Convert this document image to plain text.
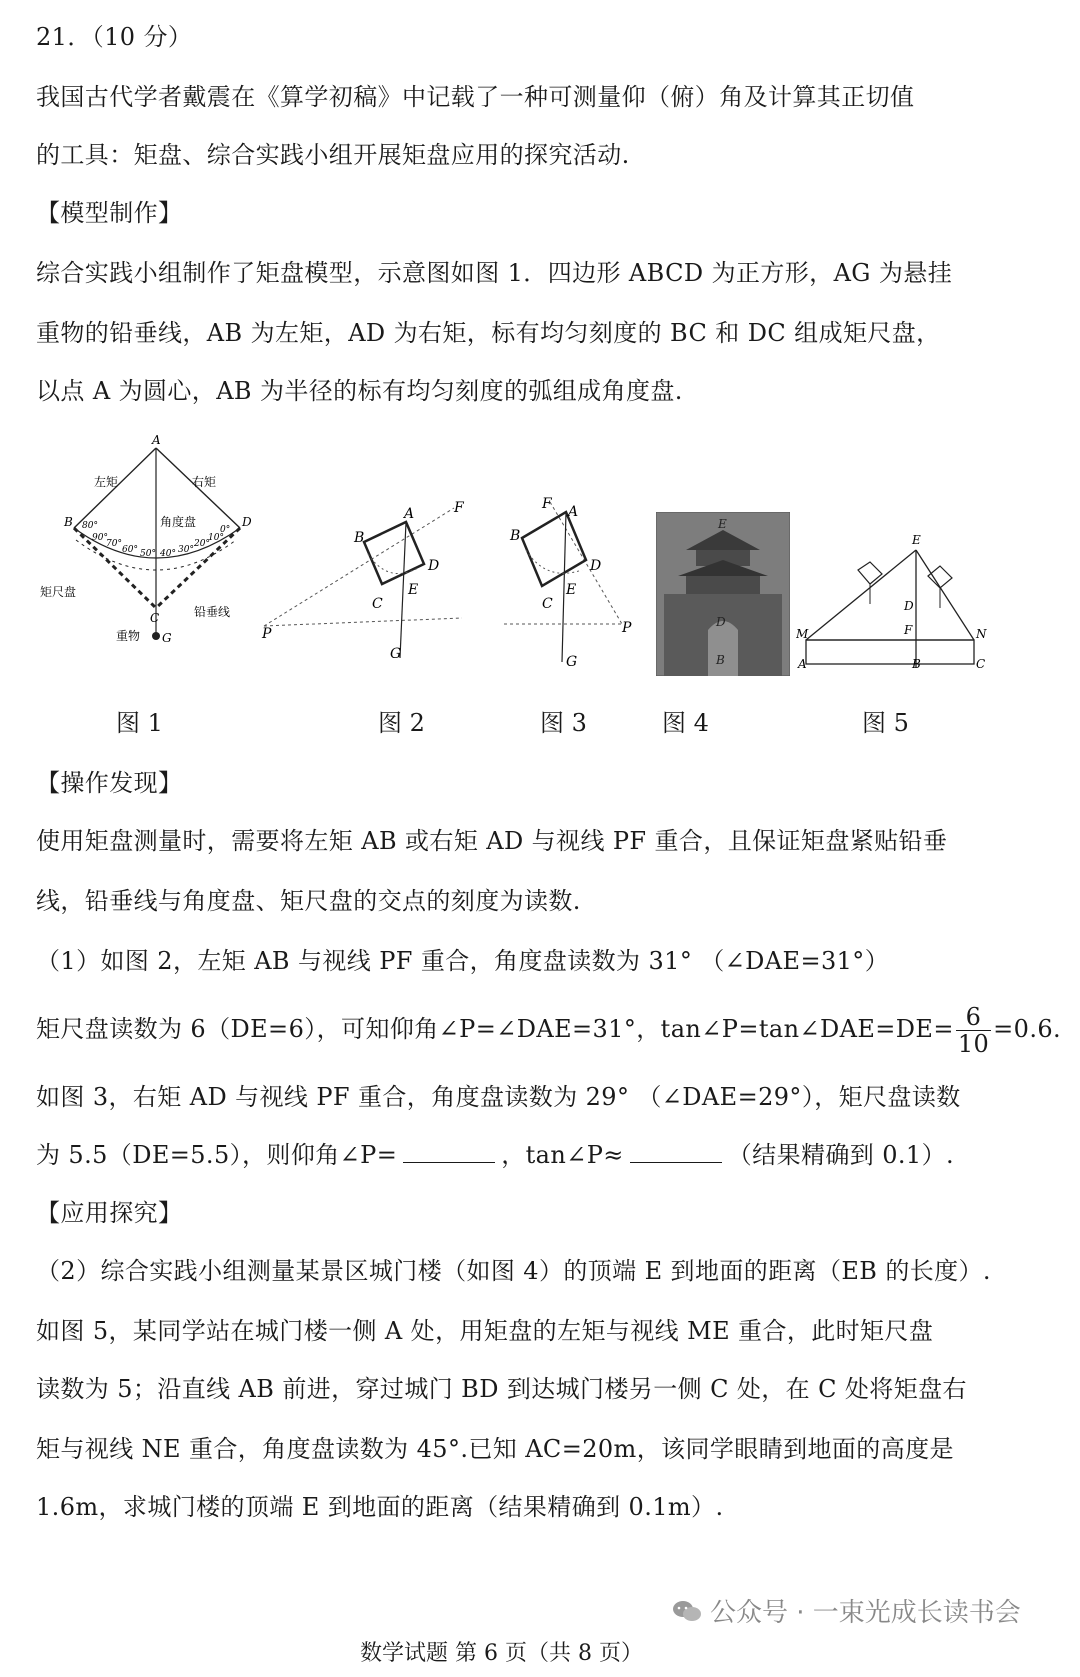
21．（10 分）
我国古代学者戴震在《算学初稿》中记载了一种可测量仰（俯）角及计算其正切值
的工具：矩盘、综合实践小组开展矩盘应用的探究活动.
【模型制作】
综合实践小组制作了矩盘模型，示意图如图 1．四边形 ABCD 为正方形，AG 为悬挂
重物的铅垂线，AB 为左矩，AD 为右矩，标有均匀刻度的 BC 和 DC 组成矩尺盘，
以点 A 为圆心，AB 为半径的标有均匀刻度的弧组成角度盘.
A
B	D
C
G
左矩	右矩
角度盘
矩尺盘
铅垂线
重物
80°
90°
70°
60° 50° 40° 30°
20°
10°
0°
P
F
A
B
D
E
C
G
F A
B
D
E
C
P
G
E
D
B
E
D
F
M	N
A	B	C
图 1	图 2	图 3	图 4	图 5
【操作发现】
使用矩盘测量时，需要将左矩 AB 或右矩 AD 与视线 PF 重合，且保证矩盘紧贴铅垂
线，铅垂线与角度盘、矩尺盘的交点的刻度为读数.
（1）如图 2，左矩 AB 与视线 PF 重合，角度盘读数为 31° （∠DAE=31°）
矩尺盘读数为 6（DE=6），可知仰角∠P=∠DAE=31°，tan∠P=tan∠DAE=DE= $\frac{6}{10} =0.6$.
如图 3，右矩 AD 与视线 PF 重合，角度盘读数为 29° （∠DAE=29°），矩尺盘读数
为 5.5（DE=5.5），则仰角∠P=	，tan∠P≈	（结果精确到 0.1）.
【应用探究】
（2）综合实践小组测量某景区城门楼（如图 4）的顶端 E 到地面的距离（EB 的长度）.
如图 5，某同学站在城门楼一侧 A 处，用矩盘的左矩与视线 ME 重合，此时矩尺盘
读数为 5；沿直线 AB 前进，穿过城门 BD 到达城门楼另一侧 C 处，在 C 处将矩盘右
矩与视线 NE 重合，角度盘读数为 45°.已知 AC=20m，该同学眼睛到地面的高度是
1.6m，求城门楼的顶端 E 到地面的距离（结果精确到 0.1m）.
公众号 · 一束光成长读书会
数学试题 第 6 页（共 8 页）
